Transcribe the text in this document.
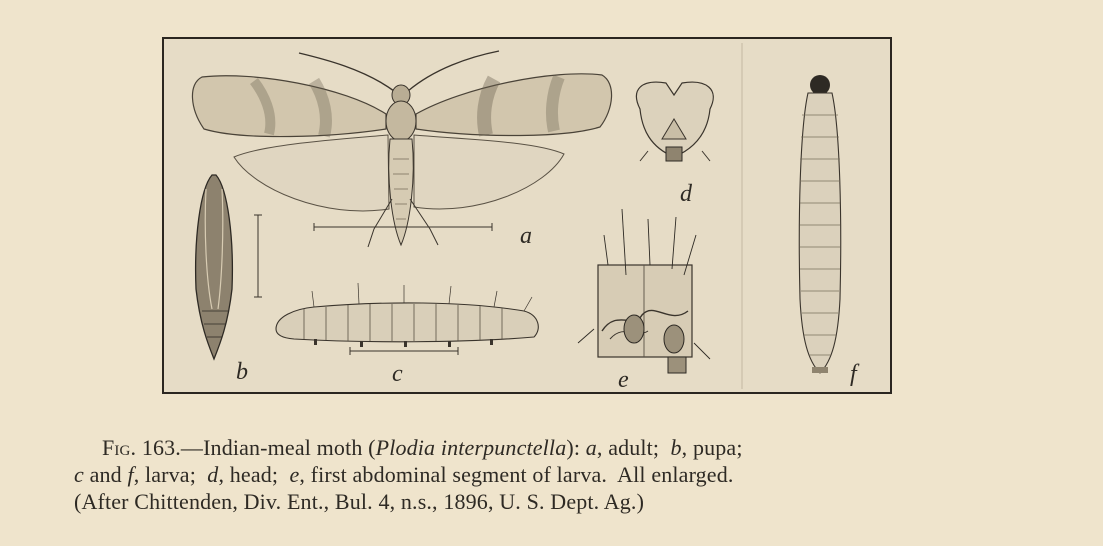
a
b	c
d
e	f
Fig. 163.—Indian-meal moth (Plodia interpunctella): a, adult;  b, pupa;
c and f, larva;  d, head;  e, first abdominal segment of larva.  All enlarged.
(After Chittenden, Div. Ent., Bul. 4, n.s., 1896, U. S. Dept. Ag.)
